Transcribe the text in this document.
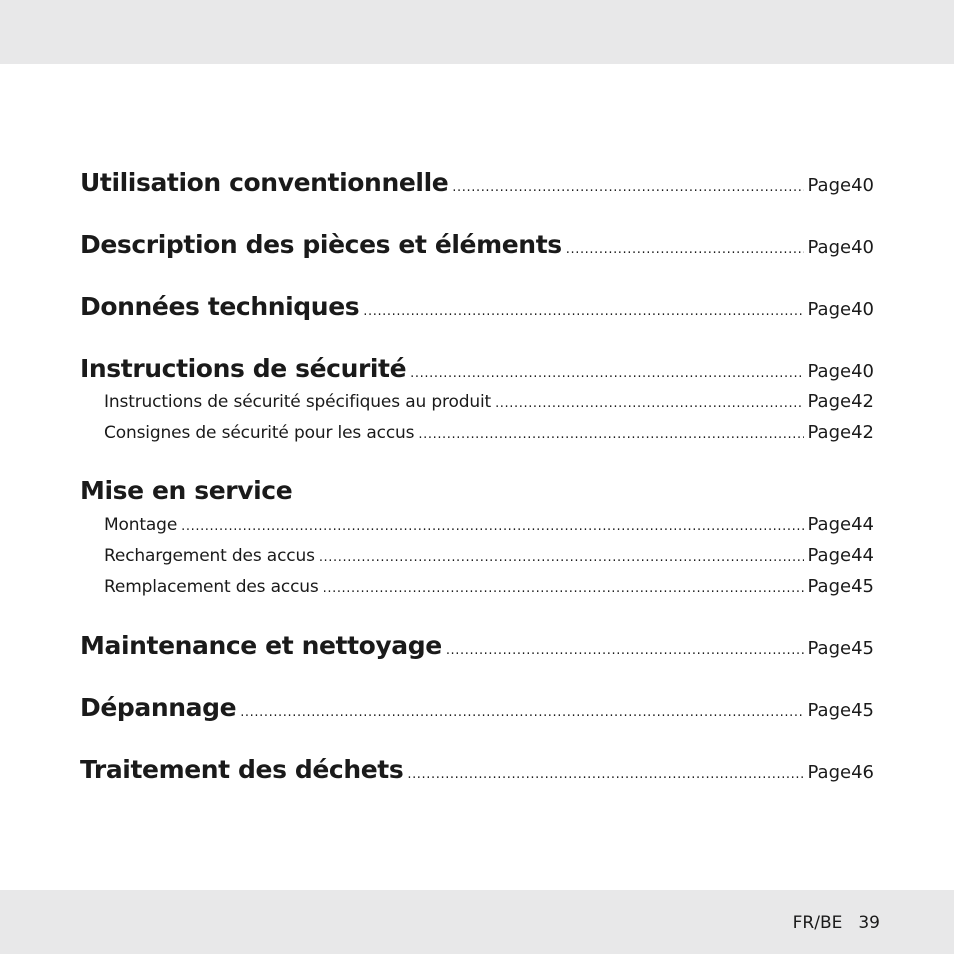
Utilisation conventionnelle .....	Page 40
Description des pièces et éléments .....	Page 40
Données techniques .....	Page 40
Instructions de sécurité .....	Page 40
Instructions de sécurité spécifiques au produit .....	Page 42
Consignes de sécurité pour les accus .....	Page 42
Mise en service
Montage .....	Page 44
Rechargement des accus .....	Page 44
Remplacement des accus .....	Page 45
Maintenance et nettoyage .....	Page 45
Dépannage .....	Page 45
Traitement des déchets .....	Page 46
FR/BE 39
